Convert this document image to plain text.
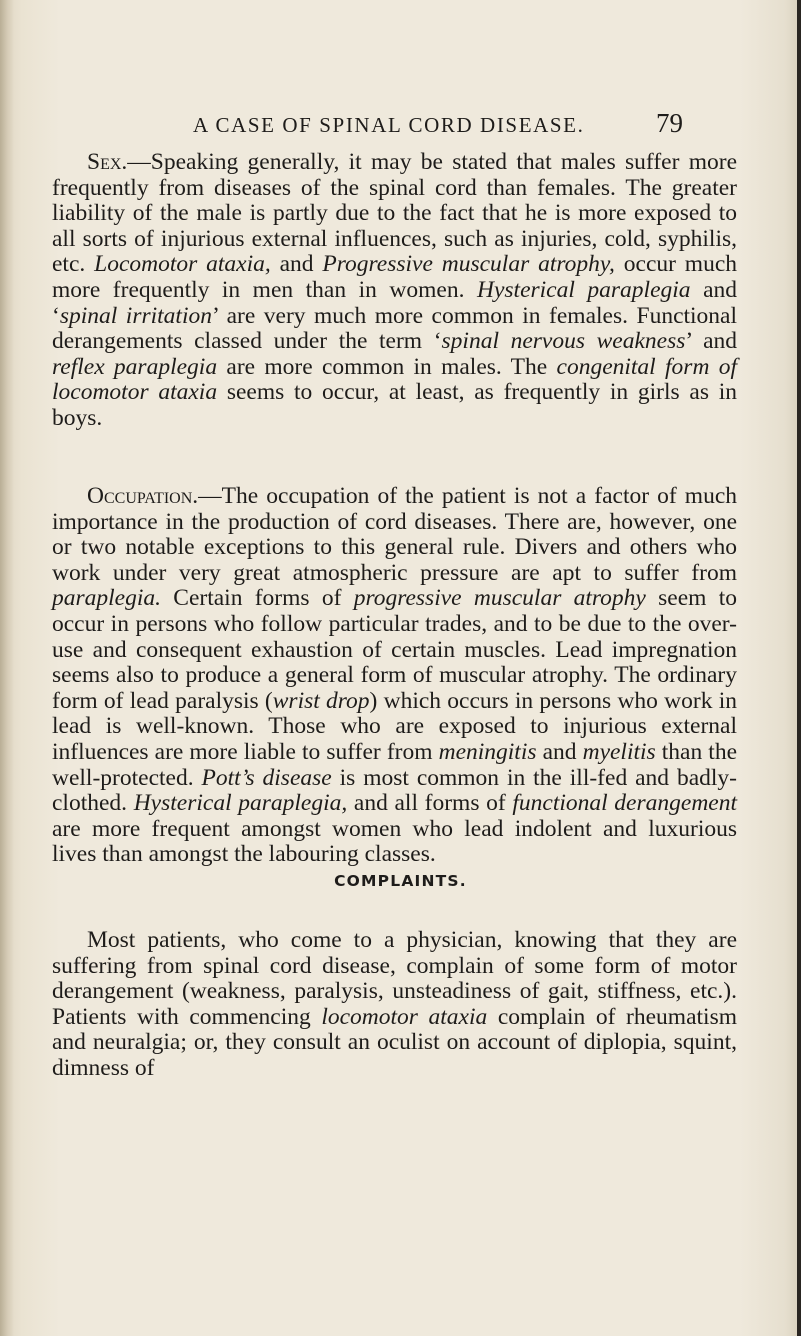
A CASE OF SPINAL CORD DISEASE.	79

Sex.—Speaking generally, it may be stated that males suffer more frequently from diseases of the spinal cord than females. The greater liability of the male is partly due to the fact that he is more exposed to all sorts of injurious external influences, such as injuries, cold, syphilis, etc. Locomotor ataxia, and Progressive muscular atrophy, occur much more frequently in men than in women. Hysterical paraplegia and ‘spinal irritation’ are very much more common in females. Functional derangements classed under the term ‘spinal nervous weakness’ and reflex paraplegia are more common in males. The congenital form of locomotor ataxia seems to occur, at least, as frequently in girls as in boys.

Occupation.—The occupation of the patient is not a factor of much importance in the production of cord diseases. There are, however, one or two notable exceptions to this general rule. Divers and others who work under very great atmospheric pressure are apt to suffer from paraplegia. Certain forms of progressive muscular atrophy seem to occur in persons who follow particular trades, and to be due to the over-use and consequent exhaustion of certain muscles. Lead impregnation seems also to produce a general form of muscular atrophy. The ordinary form of lead paralysis (wrist drop) which occurs in persons who work in lead is well-known. Those who are exposed to injurious external influences are more liable to suffer from meningitis and myelitis than the well-protected. Pott’s disease is most common in the ill-fed and badly-clothed. Hysterical paraplegia, and all forms of functional derangement are more frequent amongst women who lead indolent and luxurious lives than amongst the labouring classes.

COMPLAINTS.

Most patients, who come to a physician, knowing that they are suffering from spinal cord disease, complain of some form of motor derangement (weakness, paralysis, unsteadiness of gait, stiffness, etc.). Patients with commencing locomotor ataxia complain of rheumatism and neuralgia; or, they consult an oculist on account of diplopia, squint, dimness of
